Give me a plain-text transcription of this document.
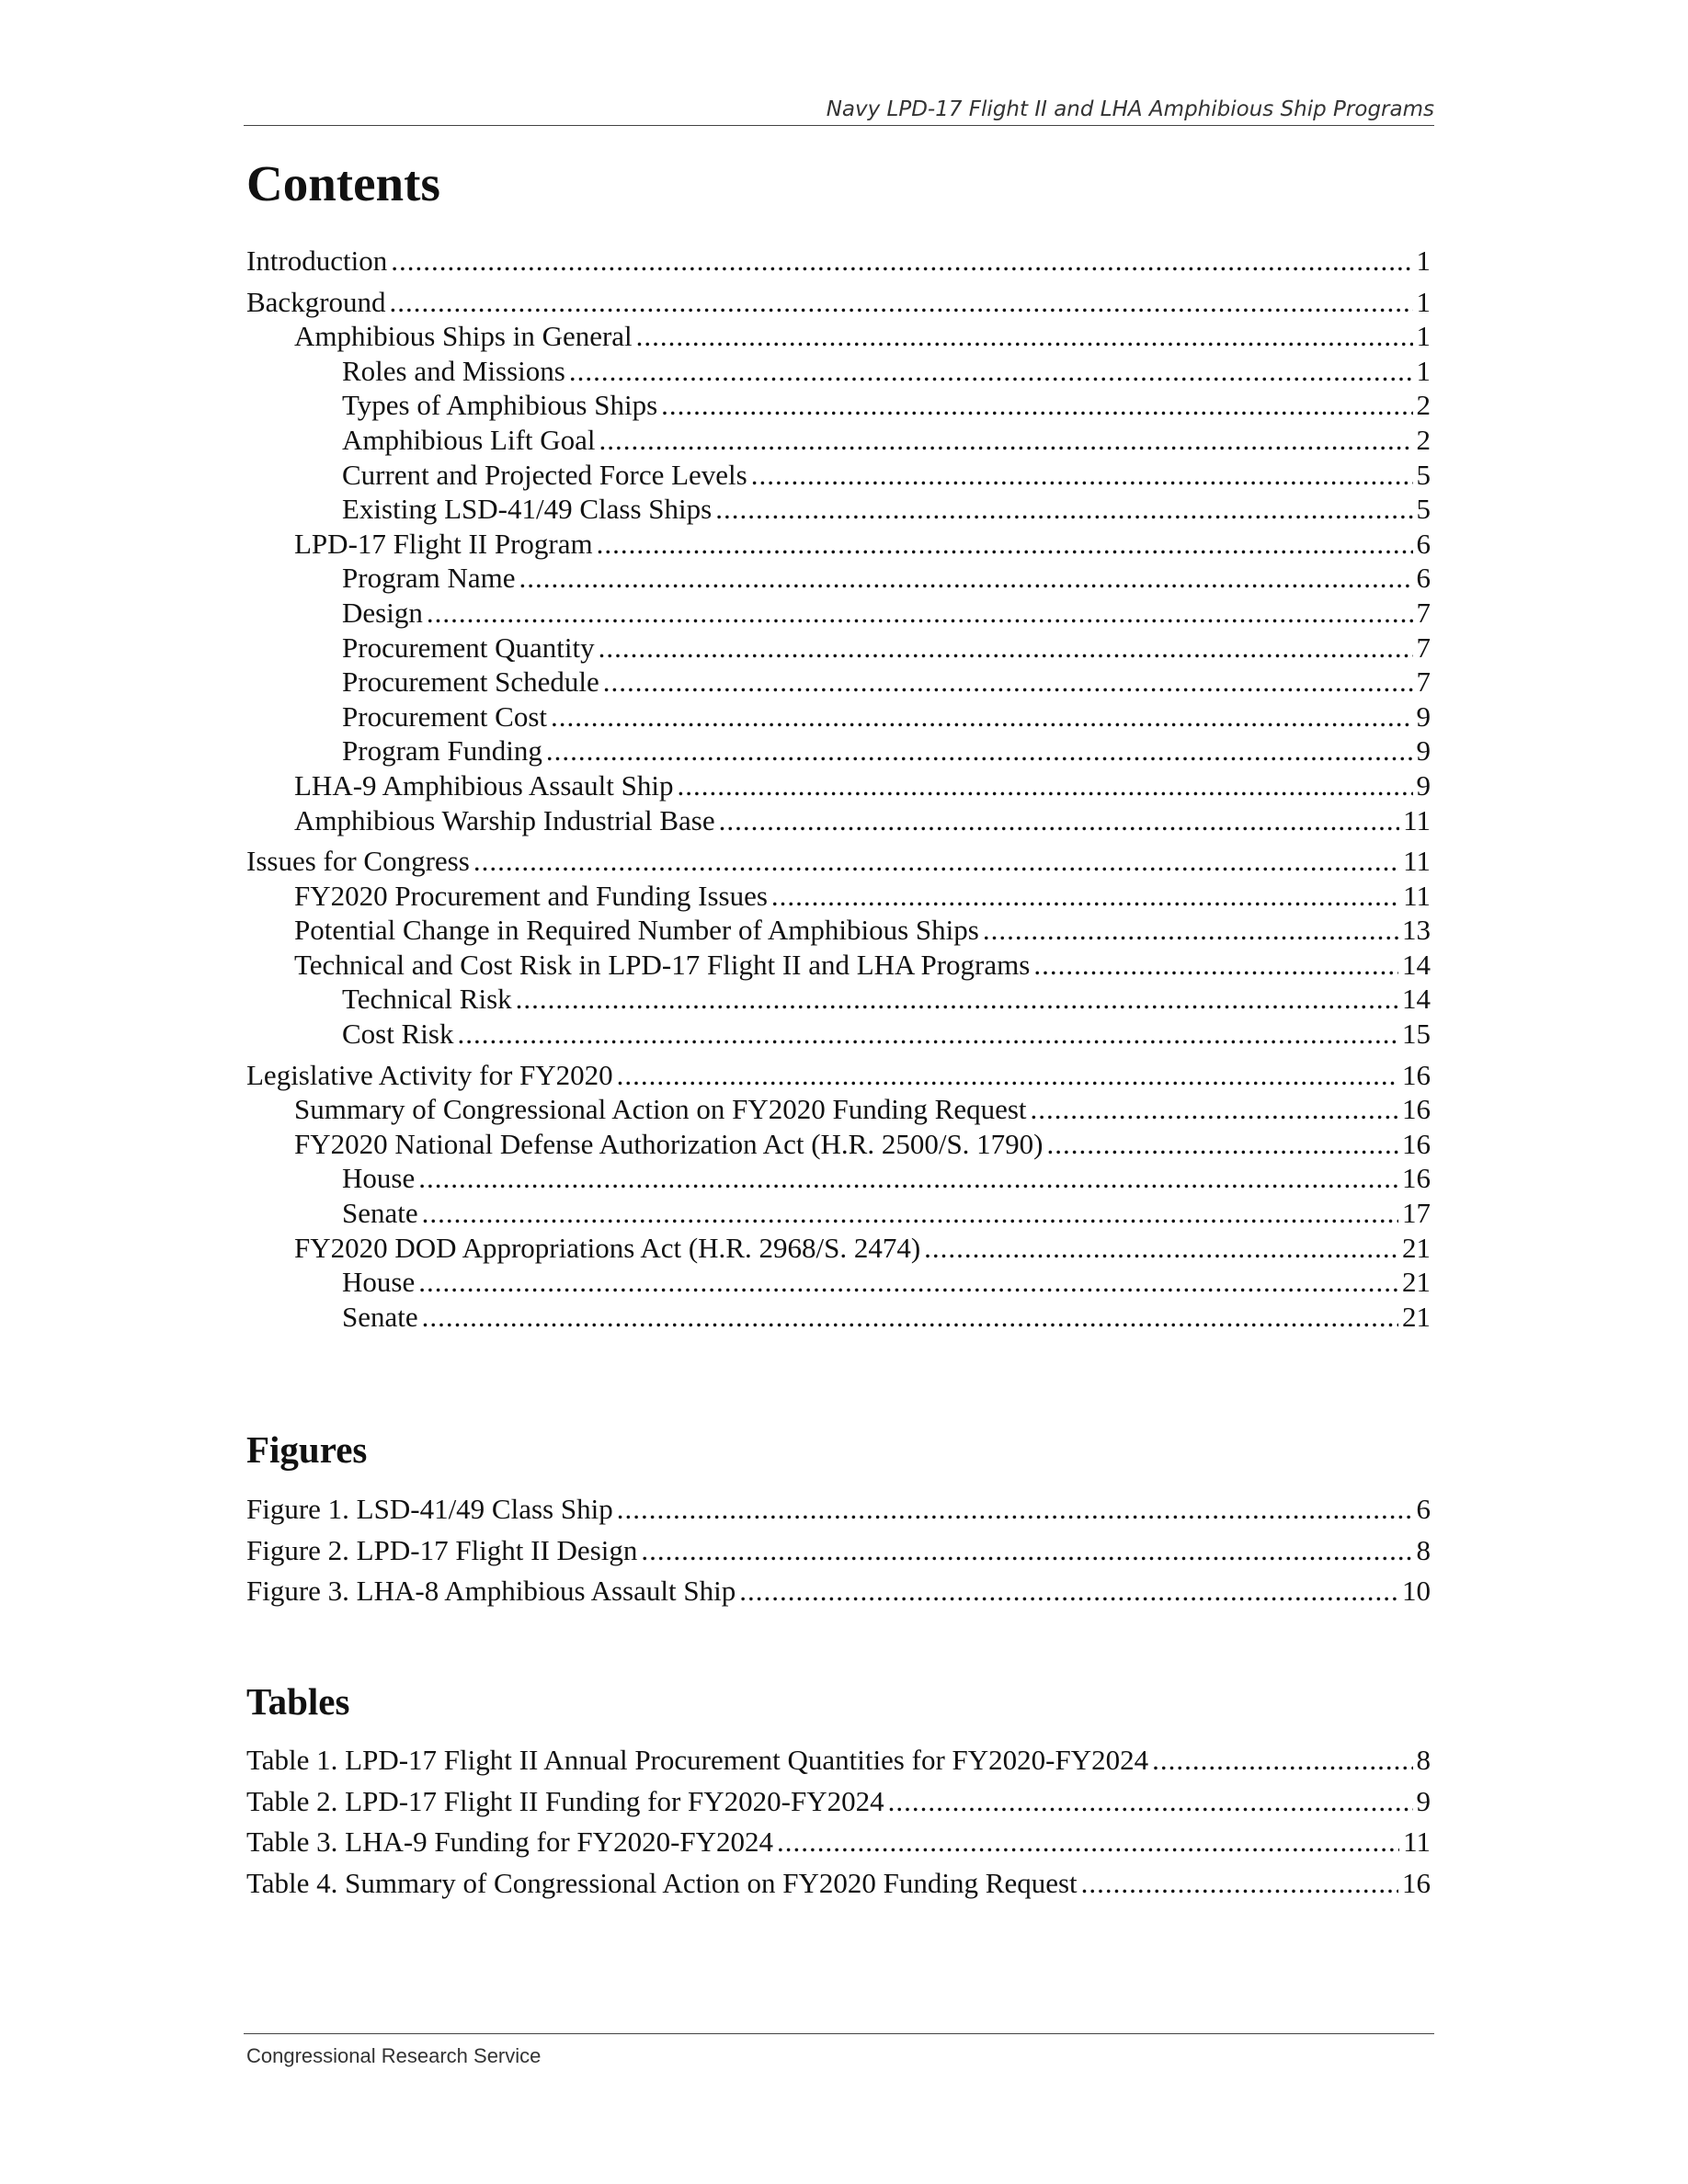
Navy LPD-17 Flight II and LHA Amphibious Ship Programs
Contents
Introduction .....	1
Background .....	1
Amphibious Ships in General .....	1
Roles and Missions .....	1
Types of Amphibious Ships .....	2
Amphibious Lift Goal .....	2
Current and Projected Force Levels .....	5
Existing LSD-41/49 Class Ships .....	5
LPD-17 Flight II Program .....	6
Program Name .....	6
Design .....	7
Procurement Quantity .....	7
Procurement Schedule .....	7
Procurement Cost .....	9
Program Funding .....	9
LHA-9 Amphibious Assault Ship .....	9
Amphibious Warship Industrial Base .....	11
Issues for Congress .....	11
FY2020 Procurement and Funding Issues .....	11
Potential Change in Required Number of Amphibious Ships .....	13
Technical and Cost Risk in LPD-17 Flight II and LHA Programs .....	14
Technical Risk .....	14
Cost Risk .....	15
Legislative Activity for FY2020 .....	16
Summary of Congressional Action on FY2020 Funding Request .....	16
FY2020 National Defense Authorization Act (H.R. 2500/S. 1790) .....	16
House .....	16
Senate .....	17
FY2020 DOD Appropriations Act (H.R. 2968/S. 2474) .....	21
House .....	21
Senate .....	21
Figures
Figure 1. LSD-41/49 Class Ship .....	6
Figure 2. LPD-17 Flight II Design .....	8
Figure 3. LHA-8 Amphibious Assault Ship .....	10
Tables
Table 1. LPD-17 Flight II Annual Procurement Quantities for FY2020-FY2024 .....	8
Table 2. LPD-17 Flight II Funding for FY2020-FY2024 .....	9
Table 3. LHA-9 Funding for FY2020-FY2024 .....	11
Table 4. Summary of Congressional Action on FY2020 Funding Request .....	16
Congressional Research Service
